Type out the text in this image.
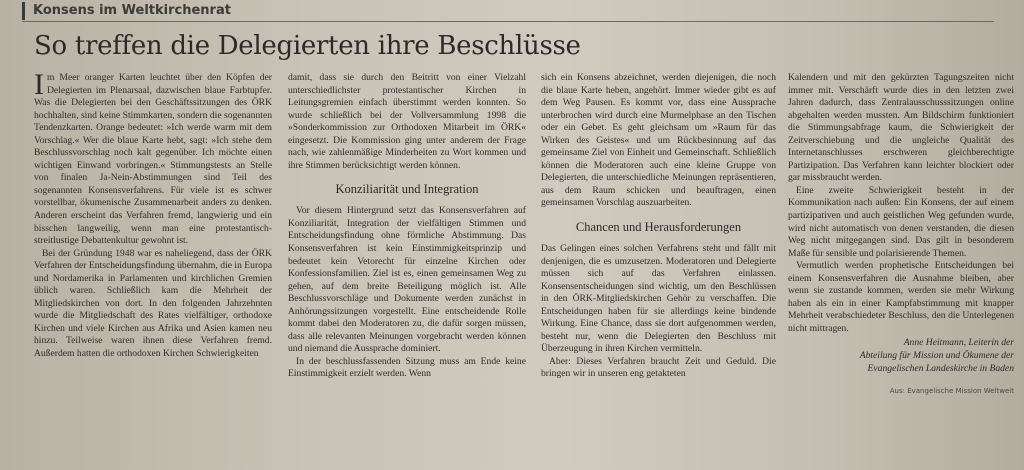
Konsens im Weltkirchenrat
So treffen die Delegierten ihre Beschlüsse

Im Meer oranger Karten leuchtet über den Köpfen der Delegierten im Plenarsaal, dazwischen blaue Farbtupfer. Was die Delegierten bei den Geschäftssitzungen des ÖRK hochhalten, sind keine Stimmkarten, sondern die sogenannten Tendenzkarten. Orange bedeutet: »Ich werde warm mit dem Vorschlag.« Wer die blaue Karte hebt, sagt: »Ich stehe dem Beschlussvorschlag noch kalt gegenüber. Ich möchte einen wichtigen Einwand vorbringen.« Stimmungstests an Stelle von finalen Ja-Nein-Abstimmungen sind Teil des sogenannten Konsensverfahrens. Für viele ist es schwer vorstellbar, ökumenische Zusammenarbeit anders zu denken. Anderen erscheint das Verfahren fremd, langwierig und ein bisschen langweilig, wenn man eine protestantisch-streitlustige Debattenkultur gewohnt ist.

Bei der Gründung 1948 war es naheliegend, dass der ÖRK Verfahren der Entscheidungsfindung übernahm, die in Europa und Nordamerika in Parlamenten und kirchlichen Gremien üblich waren. Schließlich kam die Mehrheit der Mitgliedskirchen von dort. In den folgenden Jahrzehnten wurde die Mitgliedschaft des Rates vielfältiger, orthodoxe Kirchen und viele Kirchen aus Afrika und Asien kamen neu hinzu. Teilweise waren ihnen diese Verfahren fremd. Außerdem hatten die orthodoxen Kirchen Schwierigkeiten

damit, dass sie durch den Beitritt von einer Vielzahl unterschiedlichster protestantischer Kirchen in Leitungsgremien einfach überstimmt werden konnten. So wurde schließlich bei der Vollversammlung 1998 die »Sonderkommission zur Orthodoxen Mitarbeit im ÖRK« eingesetzt. Die Kommission ging unter anderem der Frage nach, wie zahlenmäßige Minderheiten zu Wort kommen und ihre Stimmen berücksichtigt werden können.

Konziliarität und Integration

Vor diesem Hintergrund setzt das Konsensverfahren auf Konziliarität, Integration der vielfältigen Stimmen und Entscheidungsfindung ohne förmliche Abstimmung. Das Konsensverfahren ist kein Einstimmigkeitsprinzip und bedeutet kein Vetorecht für einzelne Kirchen oder Konfessionsfamilien. Ziel ist es, einen gemeinsamen Weg zu gehen, auf dem breite Beteiligung möglich ist. Alle Beschlussvorschläge und Dokumente werden zunächst in Anhörungssitzungen vorgestellt. Eine entscheidende Rolle kommt dabei den Moderatoren zu, die dafür sorgen müssen, dass alle relevanten Meinungen vorgebracht werden können und niemand die Aussprache dominiert.

In der beschlussfassenden Sitzung muss am Ende keine Einstimmigkeit erzielt werden. Wenn

sich ein Konsens abzeichnet, werden diejenigen, die noch die blaue Karte heben, angehört. Immer wieder gibt es auf dem Weg Pausen. Es kommt vor, dass eine Aussprache unterbrochen wird durch eine Murmelphase an den Tischen oder ein Gebet. Es geht gleichsam um »Raum für das Wirken des Geistes« und um Rückbesinnung auf das gemeinsame Ziel von Einheit und Gemeinschaft. Schließlich können die Moderatoren auch eine kleine Gruppe von Delegierten, die unterschiedliche Meinungen repräsentieren, aus dem Raum schicken und beauftragen, einen gemeinsamen Vorschlag auszuarbeiten.

Chancen und Herausforderungen

Das Gelingen eines solchen Verfahrens steht und fällt mit denjenigen, die es umzusetzen. Moderatoren und Delegierte müssen sich auf das Verfahren einlassen. Konsensentscheidungen sind wichtig, um den Beschlüssen in den ÖRK-Mitgliedskirchen Gehör zu verschaffen. Die Entscheidungen haben für sie allerdings keine bindende Wirkung. Eine Chance, dass sie dort aufgenommen werden, besteht nur, wenn die Delegierten den Beschluss mit Überzeugung in ihren Kirchen vermitteln.

Aber: Dieses Verfahren braucht Zeit und Geduld. Die bringen wir in unseren eng getakteten

Kalendern und mit den gekürzten Tagungszeiten nicht immer mit. Verschärft wurde dies in den letzten zwei Jahren dadurch, dass Zentralausschusssitzungen online abgehalten werden mussten. Am Bildschirm funktioniert die Stimmungsabfrage kaum, die Schwierigkeit der Zeitverschiebung und die ungleiche Qualität des Internetanschlusses erschweren gleichberechtigte Partizipation. Das Verfahren kann leichter blockiert oder gar missbraucht werden.

Eine zweite Schwierigkeit besteht in der Kommunikation nach außen: Ein Konsens, der auf einem partizipativen und auch geistlichen Weg gefunden wurde, wird nicht automatisch von denen verstanden, die diesen Weg nicht mitgegangen sind. Das gilt in besonderem Maße für sensible und polarisierende Themen.

Vermutlich werden prophetische Entscheidungen bei einem Konsensverfahren die Ausnahme bleiben, aber wenn sie zustande kommen, werden sie mehr Wirkung haben als ein in einer Kampfabstimmung mit knapper Mehrheit verabschiedeter Beschluss, den die Unterlegenen nicht mittragen.

Anne Heitmann, Leiterin der
Abteilung für Mission und Ökumene der
Evangelischen Landeskirche in Baden
Aus: Evangelische Mission Weltweit
